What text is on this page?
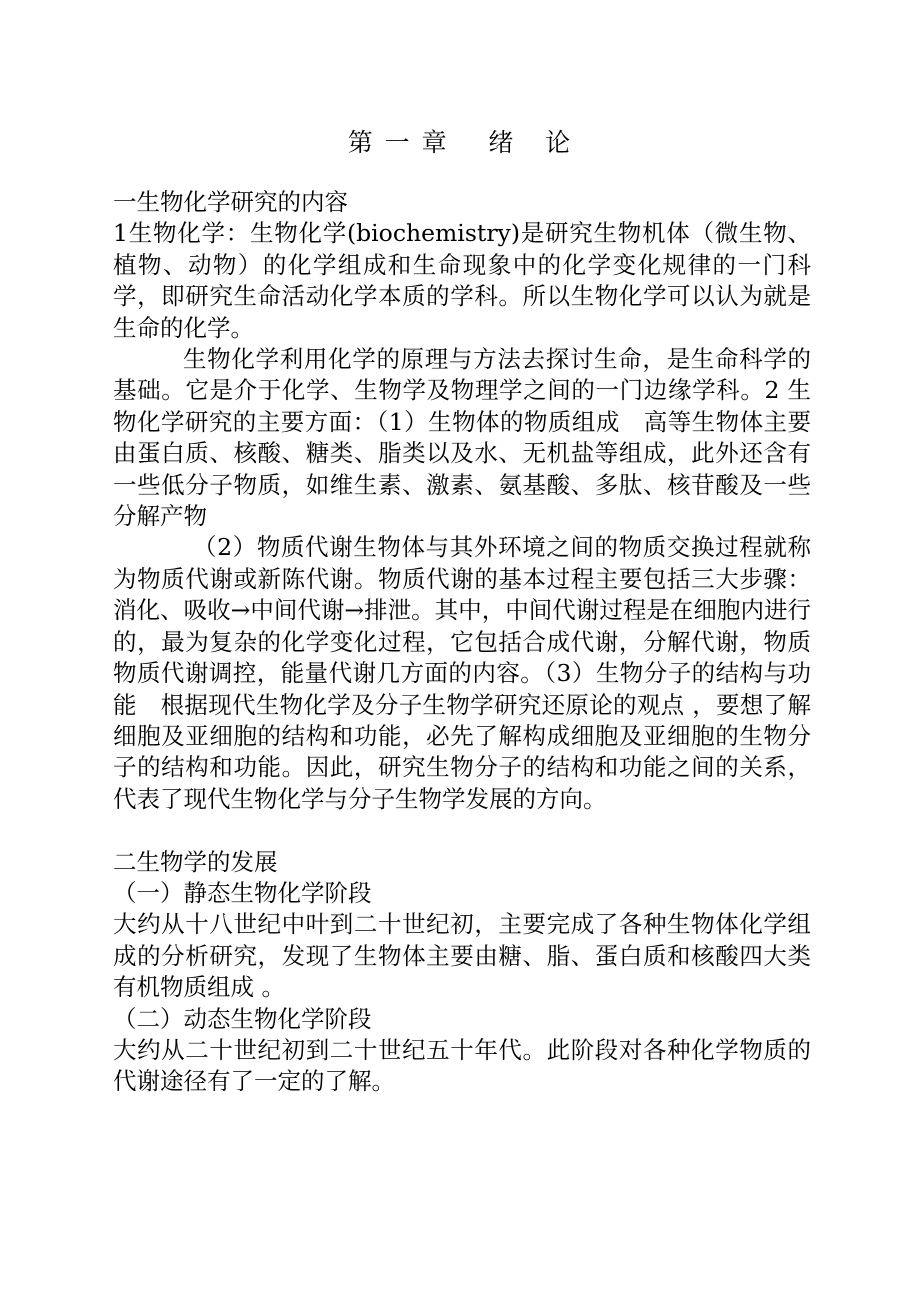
第 一 章    绪   论

一生物化学研究的内容

1生物化学：生物化学(biochemistry)是研究生物机体（微生物、植物、动物）的化学组成和生命现象中的化学变化规律的一门科学，即研究生命活动化学本质的学科。所以生物化学可以认为就是生命的化学。

生物化学利用化学的原理与方法去探讨生命，是生命科学的基础。它是介于化学、生物学及物理学之间的一门边缘学科。2 生物化学研究的主要方面：（1）生物体的物质组成　高等生物体主要由蛋白质、核酸、糖类、脂类以及水、无机盐等组成，此外还含有一些低分子物质，如维生素、激素、氨基酸、多肽、核苷酸及一些分解产物

（2）物质代谢生物体与其外环境之间的物质交换过程就称为物质代谢或新陈代谢。物质代谢的基本过程主要包括三大步骤：消化、吸收→中间代谢→排泄。其中，中间代谢过程是在细胞内进行的，最为复杂的化学变化过程，它包括合成代谢，分解代谢，物质物质代谢调控，能量代谢几方面的内容。（3）生物分子的结构与功能　根据现代生物化学及分子生物学研究还原论的观点 ，要想了解细胞及亚细胞的结构和功能，必先了解构成细胞及亚细胞的生物分子的结构和功能。因此，研究生物分子的结构和功能之间的关系，代表了现代生物化学与分子生物学发展的方向。

二生物学的发展

（一）静态生物化学阶段

大约从十八世纪中叶到二十世纪初，主要完成了各种生物体化学组成的分析研究，发现了生物体主要由糖、脂、蛋白质和核酸四大类有机物质组成 。

（二）动态生物化学阶段

大约从二十世纪初到二十世纪五十年代。此阶段对各种化学物质的代谢途径有了一定的了解。
